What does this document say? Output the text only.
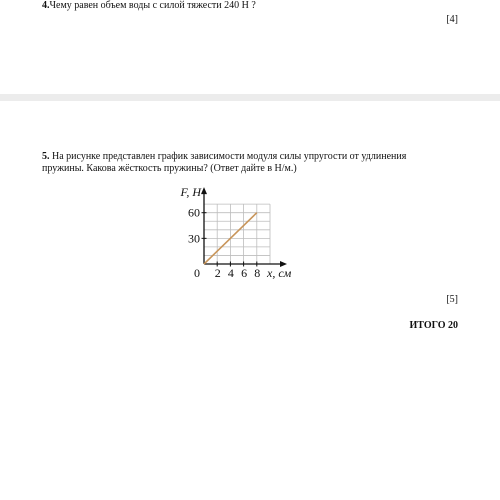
4.Чему равен объем воды с силой тяжести 240 Н ?
[4]
5. На рисунке представлен график зависимости модуля силы упругости от удлинения пружины. Какова жёсткость пружины? (Ответ дайте в Н/м.)
2 4 6 8
30
60
0
F, Н
x, см
[5]
ИТОГО 20
